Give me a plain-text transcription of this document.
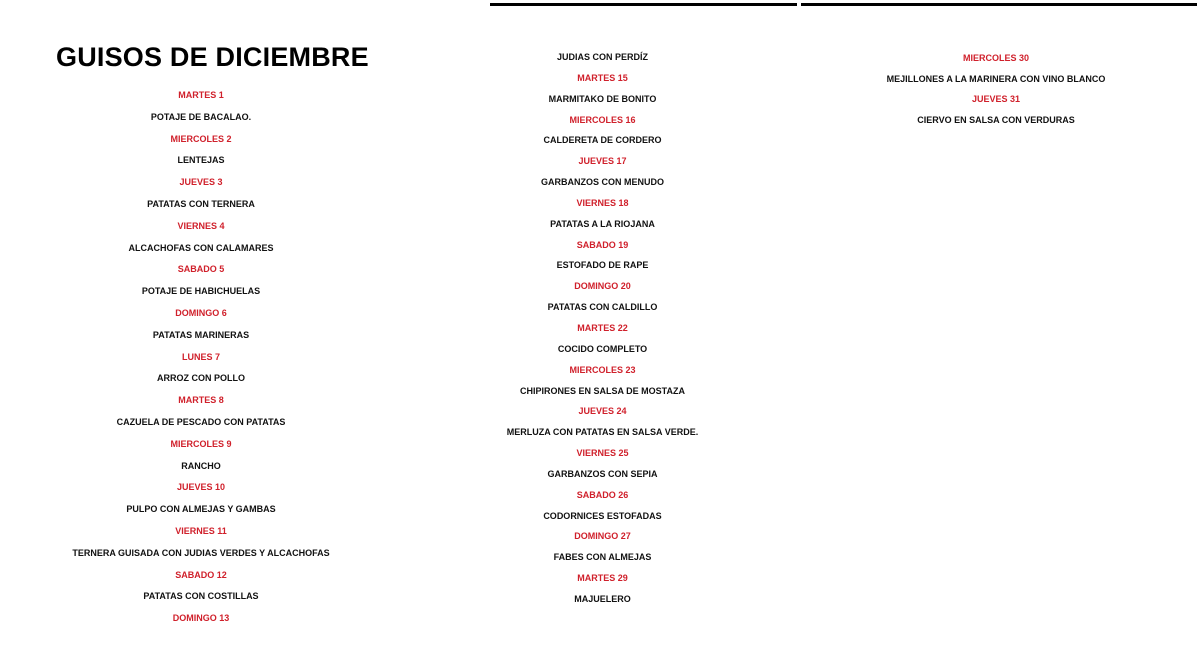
GUISOS DE DICIEMBRE
MARTES 1
POTAJE DE BACALAO.
MIERCOLES 2
LENTEJAS
JUEVES 3
PATATAS CON TERNERA
VIERNES 4
ALCACHOFAS CON CALAMARES
SABADO 5
POTAJE DE HABICHUELAS
DOMINGO 6
PATATAS MARINERAS
LUNES 7
ARROZ CON POLLO
MARTES 8
CAZUELA DE PESCADO CON PATATAS
MIERCOLES 9
RANCHO
JUEVES 10
PULPO CON ALMEJAS Y GAMBAS
VIERNES 11
TERNERA GUISADA CON JUDIAS VERDES Y ALCACHOFAS
SABADO 12
PATATAS CON COSTILLAS
DOMINGO 13
JUDIAS CON PERDÍZ
MARTES 15
MARMITAKO DE BONITO
MIERCOLES 16
CALDERETA DE CORDERO
JUEVES 17
GARBANZOS CON MENUDO
VIERNES 18
PATATAS A LA RIOJANA
SABADO 19
ESTOFADO DE RAPE
DOMINGO 20
PATATAS CON CALDILLO
MARTES 22
COCIDO COMPLETO
MIERCOLES 23
CHIPIRONES EN SALSA DE MOSTAZA
JUEVES 24
MERLUZA CON PATATAS EN SALSA VERDE.
VIERNES 25
GARBANZOS CON SEPIA
SABADO 26
CODORNICES ESTOFADAS
DOMINGO 27
FABES CON ALMEJAS
MARTES 29
MAJUELERO
MIERCOLES 30
MEJILLONES A LA MARINERA CON VINO BLANCO
JUEVES 31
CIERVO EN SALSA CON VERDURAS
